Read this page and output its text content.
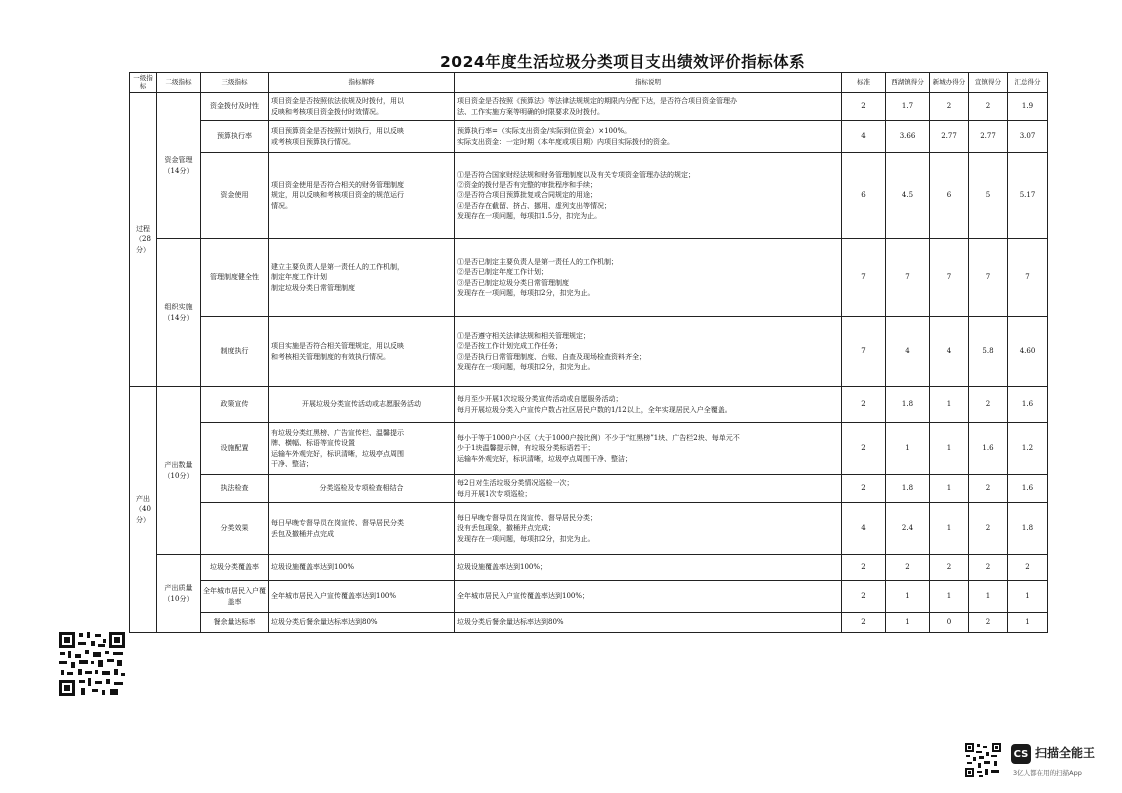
2024年度生活垃圾分类项目支出绩效评价指标体系
一级指标	二级指标	三级指标	指标解释	指标说明	标准	西湖镇得分	新城办得分	宣镇得分	汇总得分
过程（28分）	资金管理（14分）	资金拨付及时性	项目资金是否按照依法依规及时拨付，用以
反映和考核项目资金拨付时效情况。	项目资金是否按照《预算法》等法律法规规定的期限内分配下达，是否符合项目资金管理办
法、工作实施方案等明确的时限要求及时拨付。	2	1.7	2	2	1.9
		预算执行率	项目预算资金是否按照计划执行，用以反映
或考核项目预算执行情况。	预算执行率=（实际支出资金/实际到位资金）×100%。
实际支出资金：一定时期（本年度或项目期）内项目实际拨付的资金。	4	3.66	2.77	2.77	3.07
		资金使用	项目资金使用是否符合相关的财务管理制度
规定，用以反映和考核项目资金的规范运行
情况。	①是否符合国家财经法规和财务管理制度以及有关专项资金管理办法的规定；
②资金的拨付是否有完整的审批程序和手续；
③是否符合项目预算批复或合同规定的用途；
④是否存在截留、挤占、挪用、虚列支出等情况；
发现存在一项问题，每项扣1.5分，扣完为止。	6	4.5	6	5	5.17
	组织实施（14分）	管理制度健全性	建立主要负责人是第一责任人的工作机制，
制定年度工作计划
制定垃圾分类日常管理制度	①是否已制定主要负责人是第一责任人的工作机制；
②是否已制定年度工作计划；
③是否已制定垃圾分类日常管理制度
发现存在一项问题，每项扣2分，扣完为止。	7	7	7	7	7
		制度执行	项目实施是否符合相关管理规定，用以反映
和考核相关管理制度的有效执行情况。	①是否遵守相关法律法规和相关管理规定；
②是否按工作计划完成工作任务；
③是否执行日常管理制度、台账、自查及现场检查资料齐全；
发现存在一项问题，每项扣2分，扣完为止。	7	4	4	5.8	4.60
产出（40分）	产出数量（10分）	政策宣传	开展垃圾分类宣传活动或志愿服务活动	每月至少开展1次垃圾分类宣传活动或自愿服务活动；
每月开展垃圾分类入户宣传户数占社区居民户数的1/12以上，全年实现居民入户全覆盖。	2	1.8	1	2	1.6
		设施配置	有垃圾分类红黑榜、广告宣传栏、温馨提示
牌、横幅、标语等宣传设置
运输车外观完好，标识清晰，垃圾亭点周围
干净、整洁；	每小于等于1000户小区（大于1000户按比例）不少于“红黑榜”1块、广告栏2块、每单元不
少于1块温馨提示牌，有垃圾分类标语若干；
运输车外观完好，标识清晰，垃圾亭点周围干净、整洁；	2	1	1	1.6	1.2
		执法检查	分类巡检及专项检查相结合	每2日对生活垃圾分类情况巡检一次；
每月开展1次专项巡检；	2	1.8	1	2	1.6
		分类效果	每日早晚专督导员在岗宣传、督导居民分类
丢包及撤桶并点完成	每日早晚专督导员在岗宣传、督导居民分类；
没有丢包现象，撤桶并点完成；
发现存在一项问题，每项扣2分，扣完为止。	4	2.4	1	2	1.8
	产出质量（10分）	垃圾分类覆盖率	垃圾设施覆盖率达到100%	垃圾设施覆盖率达到100%；	2	2	2	2	2
		全年城市居民入户覆盖率	全年城市居民入户宣传覆盖率达到100%	全年城市居民入户宣传覆盖率达到100%；	2	1	1	1	1
		餐余量达标率	垃圾分类后餐余量达标率达到80%	垃圾分类后餐余量达标率达到80%	2	1	0	2	1
CS 扫描全能王
3亿人都在用的扫描App
